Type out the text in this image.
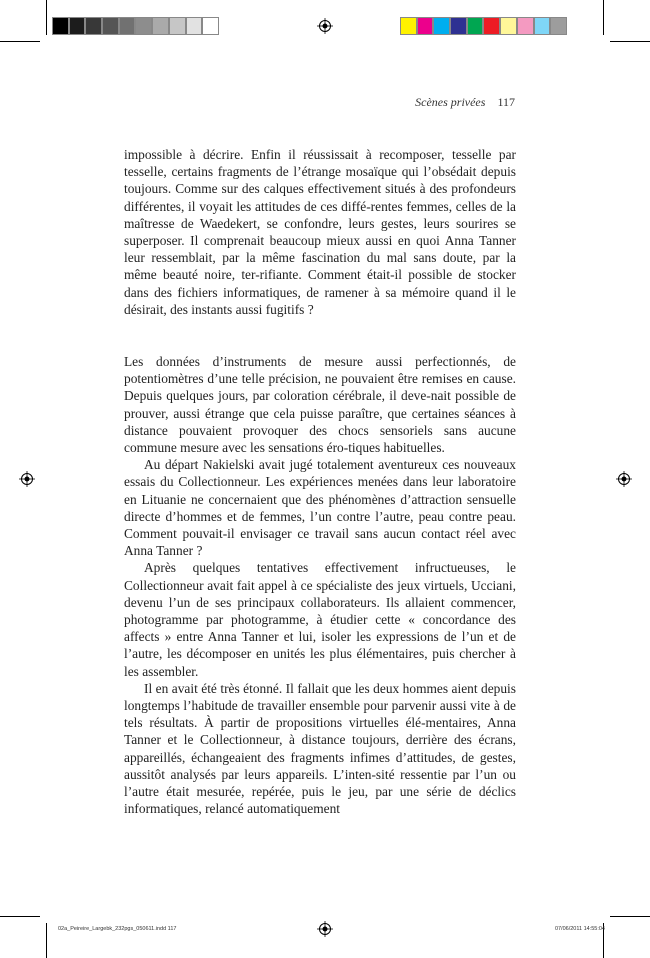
Scènes privées 117

impossible à décrire. Enfin il réussissait à recomposer, tesselle par tesselle, certains fragments de l’étrange mosaïque qui l’obsédait depuis toujours. Comme sur des calques effectivement situés à des profondeurs différentes, il voyait les attitudes de ces diffé-rentes femmes, celles de la maîtresse de Waedekert, se confondre, leurs gestes, leurs sourires se superposer. Il comprenait beaucoup mieux aussi en quoi Anna Tanner leur ressemblait, par la même fascination du mal sans doute, par la même beauté noire, ter-rifiante. Comment était-il possible de stocker dans des fichiers informatiques, de ramener à sa mémoire quand il le désirait, des instants aussi fugitifs ?

Les données d’instruments de mesure aussi perfectionnés, de potentiomètres d’une telle précision, ne pouvaient être remises en cause. Depuis quelques jours, par coloration cérébrale, il deve-nait possible de prouver, aussi étrange que cela puisse paraître, que certaines séances à distance pouvaient provoquer des chocs sensoriels sans aucune commune mesure avec les sensations éro-tiques habituelles.

Au départ Nakielski avait jugé totalement aventureux ces nouveaux essais du Collectionneur. Les expériences menées dans leur laboratoire en Lituanie ne concernaient que des phénomènes d’attraction sensuelle directe d’hommes et de femmes, l’un contre l’autre, peau contre peau. Comment pouvait-il envisager ce travail sans aucun contact réel avec Anna Tanner ?

Après quelques tentatives effectivement infructueuses, le Collectionneur avait fait appel à ce spécialiste des jeux virtuels, Ucciani, devenu l’un de ses principaux collaborateurs. Ils allaient commencer, photogramme par photogramme, à étudier cette « concordance des affects » entre Anna Tanner et lui, isoler les expressions de l’un et de l’autre, les décomposer en unités les plus élémentaires, puis chercher à les assembler.

Il en avait été très étonné. Il fallait que les deux hommes aient depuis longtemps l’habitude de travailler ensemble pour parvenir aussi vite à de tels résultats. À partir de propositions virtuelles élé-mentaires, Anna Tanner et le Collectionneur, à distance toujours, derrière des écrans, appareillés, échangeaient des fragments infimes d’attitudes, de gestes, aussitôt analysés par leurs appareils. L’inten-sité ressentie par l’un ou l’autre était mesurée, repérée, puis le jeu, par une série de déclics informatiques, relancé automatiquement

02a_Peireire_Largebk_232pgs_050611.indd 117	07/06/2011 14:55:04
